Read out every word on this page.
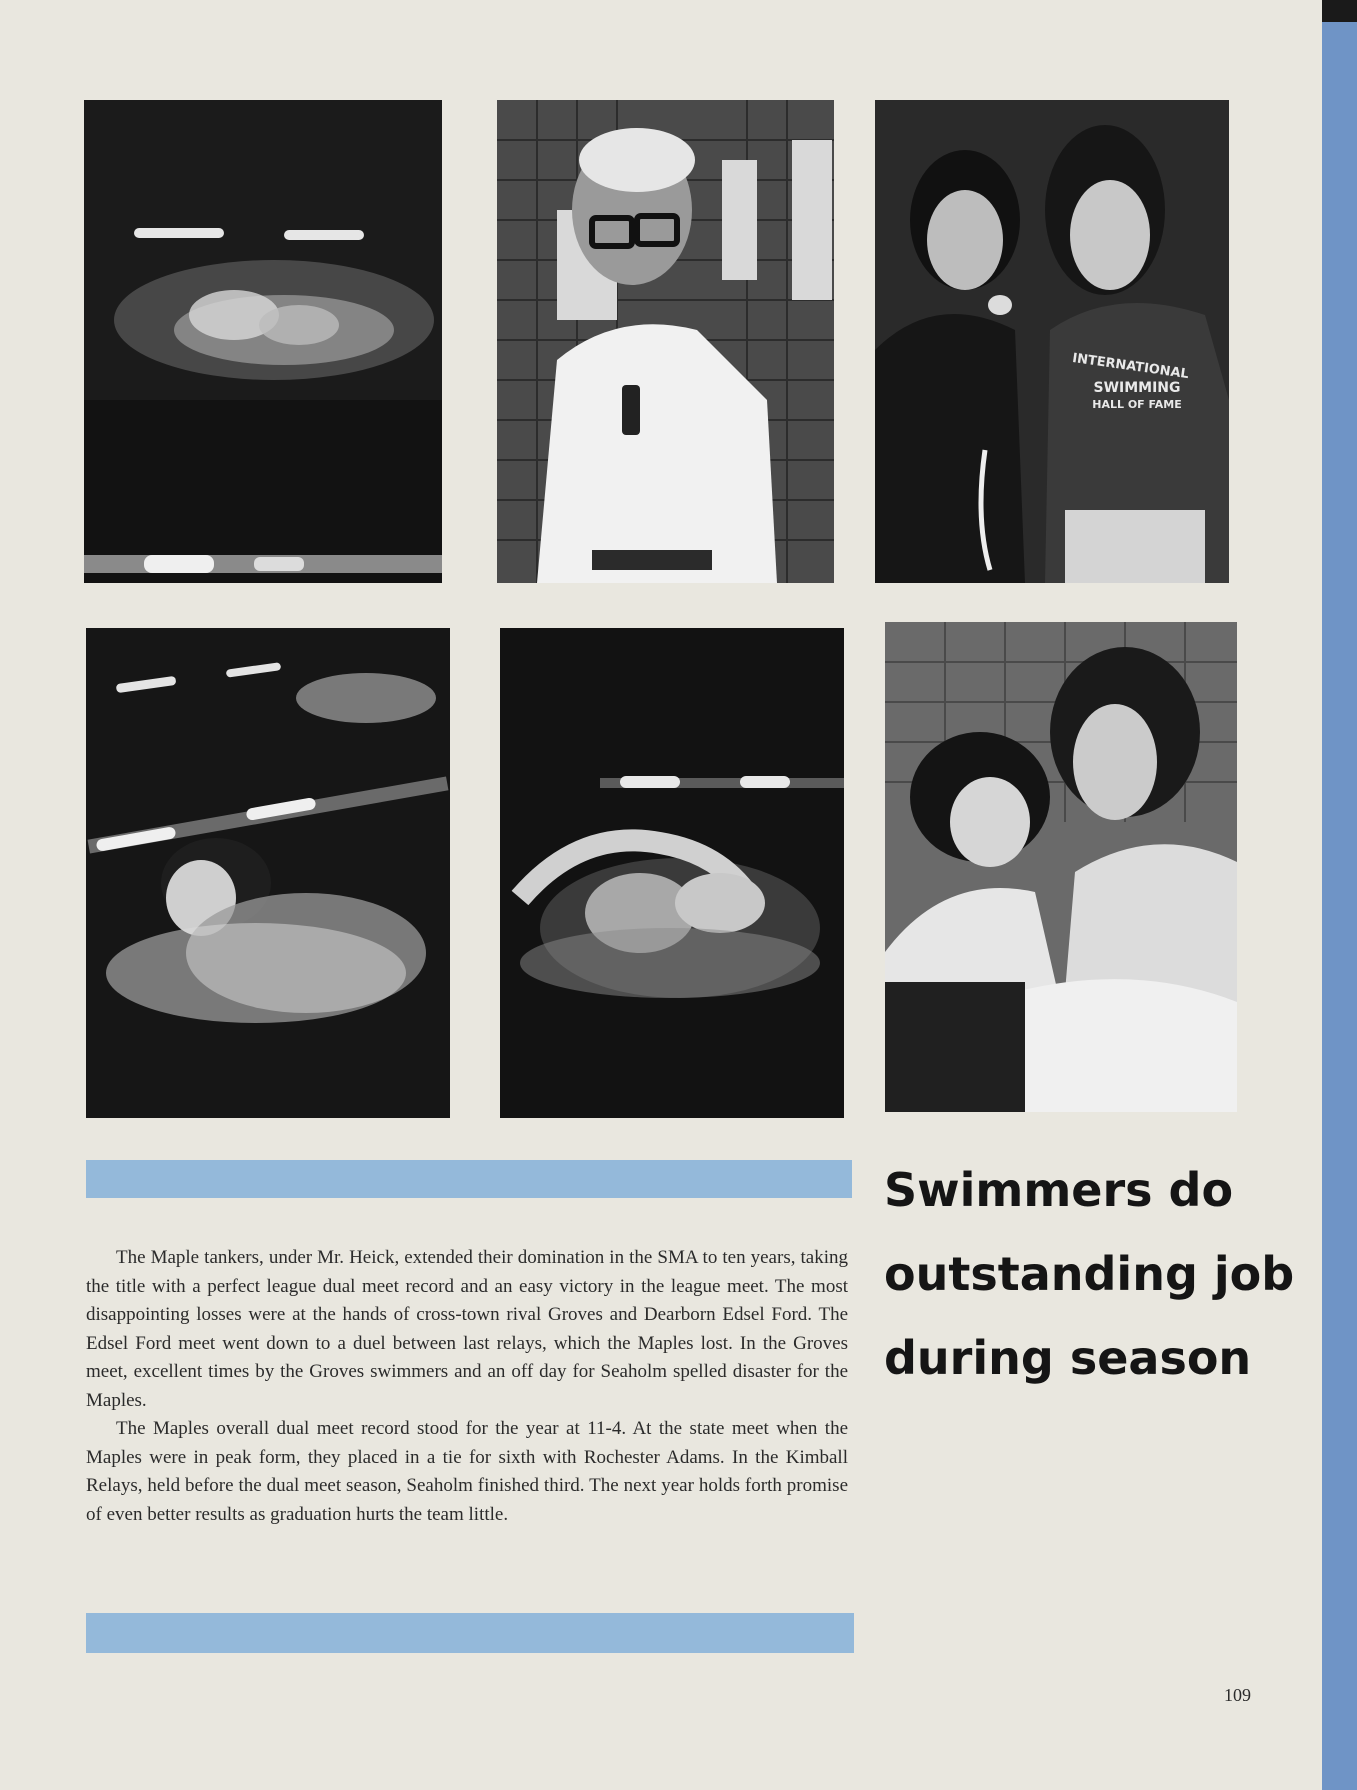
INTERNATIONAL
SWIMMING
HALL OF FAME
Swimmers do
outstanding job
during season

The Maple tankers, under Mr. Heick, extended their domination in the SMA to ten years, taking the title with a perfect league dual meet record and an easy victory in the league meet. The most disappointing losses were at the hands of cross-town rival Groves and Dearborn Edsel Ford. The Edsel Ford meet went down to a duel between last relays, which the Maples lost. In the Groves meet, excellent times by the Groves swimmers and an off day for Seaholm spelled disaster for the Maples.

The Maples overall dual meet record stood for the year at 11-4. At the state meet when the Maples were in peak form, they placed in a tie for sixth with Rochester Adams. In the Kimball Relays, held before the dual meet season, Seaholm finished third. The next year holds forth promise of even better results as graduation hurts the team little.

109
